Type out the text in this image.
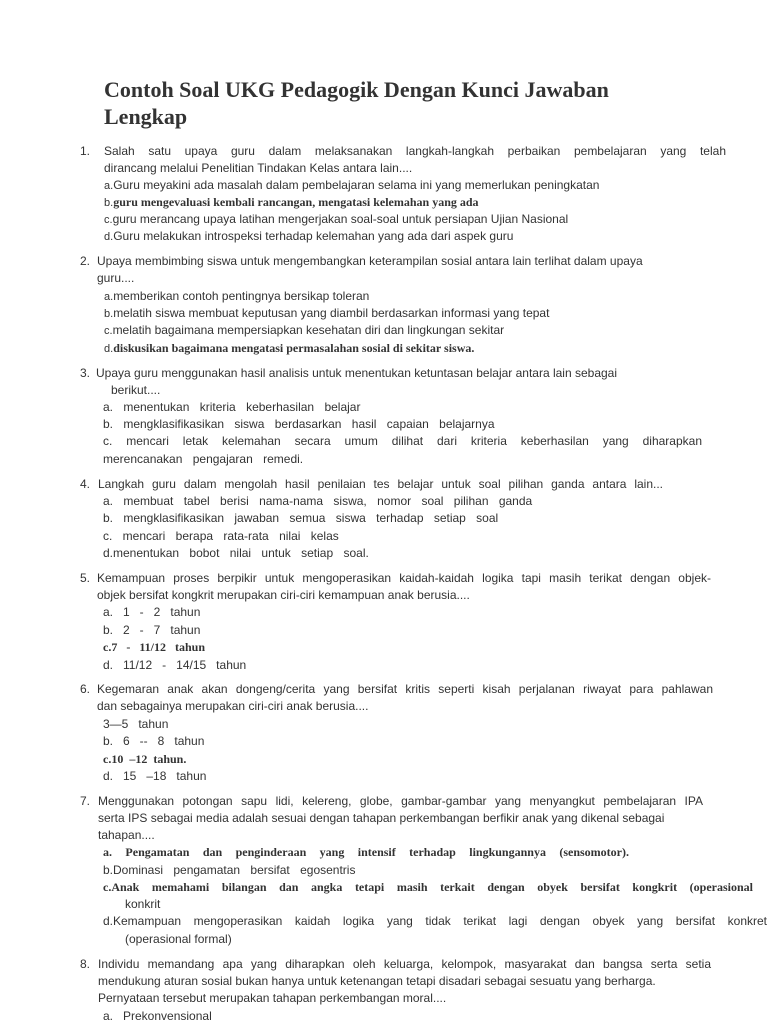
Contoh Soal UKG Pedagogik Dengan Kunci Jawaban Lengkap
1. Salah satu upaya guru dalam melaksanakan langkah-langkah perbaikan pembelajaran yang telah
dirancang melalui Penelitian Tindakan Kelas antara lain....
a.Guru meyakini ada masalah dalam pembelajaran selama ini yang memerlukan peningkatan
b.guru mengevaluasi kembali rancangan, mengatasi kelemahan yang ada
c.guru merancang upaya latihan mengerjakan soal-soal untuk persiapan Ujian Nasional
d.Guru melakukan introspeksi terhadap kelemahan yang ada dari aspek guru
2. Upaya membimbing siswa untuk mengembangkan keterampilan sosial antara lain terlihat dalam upaya
guru....
a.memberikan contoh pentingnya bersikap toleran
b.melatih siswa membuat keputusan yang diambil berdasarkan informasi yang tepat
c.melatih bagaimana mempersiapkan kesehatan diri dan lingkungan sekitar
d.diskusikan bagaimana mengatasi permasalahan sosial di sekitar siswa.
3. Upaya guru menggunakan hasil analisis untuk menentukan ketuntasan belajar antara lain sebagai
berikut....
a. menentukan kriteria keberhasilan belajar
b. mengklasifikasikan siswa berdasarkan hasil capaian belajarnya
c. mencari letak kelemahan secara umum dilihat dari kriteria keberhasilan yang diharapkan
merencanakan pengajaran remedi.
4. Langkah guru dalam mengolah hasil penilaian tes belajar untuk soal pilihan ganda antara lain...
a. membuat tabel berisi nama-nama siswa, nomor soal pilihan ganda
b. mengklasifikasikan jawaban semua siswa terhadap setiap soal
c. mencari berapa rata-rata nilai kelas
d.menentukan bobot nilai untuk setiap soal.
5. Kemampuan proses berpikir untuk mengoperasikan kaidah-kaidah logika tapi masih terikat dengan objek-
objek bersifat kongkrit merupakan ciri-ciri kemampuan anak berusia....
a.   1   -   2   tahun
b.   2   -   7   tahun
c.7   -   11/12   tahun
d.   11/12   -   14/15   tahun
6. Kegemaran anak akan dongeng/cerita yang bersifat kritis seperti kisah perjalanan riwayat para pahlawan
dan sebagainya merupakan ciri-ciri anak berusia....
3—5   tahun
b.   6   --   8   tahun
c.10  –12  tahun.
d.   15   –18   tahun
7. Menggunakan potongan sapu lidi, kelereng, globe, gambar-gambar yang menyangkut pembelajaran IPA
serta IPS sebagai media adalah sesuai dengan tahapan perkembangan berfikir anak yang dikenal sebagai
tahapan....
a. Pengamatan dan penginderaan yang intensif terhadap lingkungannya (sensomotor).
b.Dominasi pengamatan bersifat egosentris
c.Anak memahami bilangan dan angka tetapi masih terkait dengan obyek bersifat kongkrit (operasional
konkrit
d.Kemampuan mengoperasikan kaidah logika yang tidak terikat lagi dengan obyek yang bersifat konkret
(operasional formal)
8. Individu memandang apa yang diharapkan oleh keluarga, kelompok, masyarakat dan bangsa serta setia
mendukung aturan sosial bukan hanya untuk ketenangan tetapi disadari sebagai sesuatu yang berharga.
Pernyataan tersebut merupakan tahapan perkembangan moral....
a.   Prekonvensional
